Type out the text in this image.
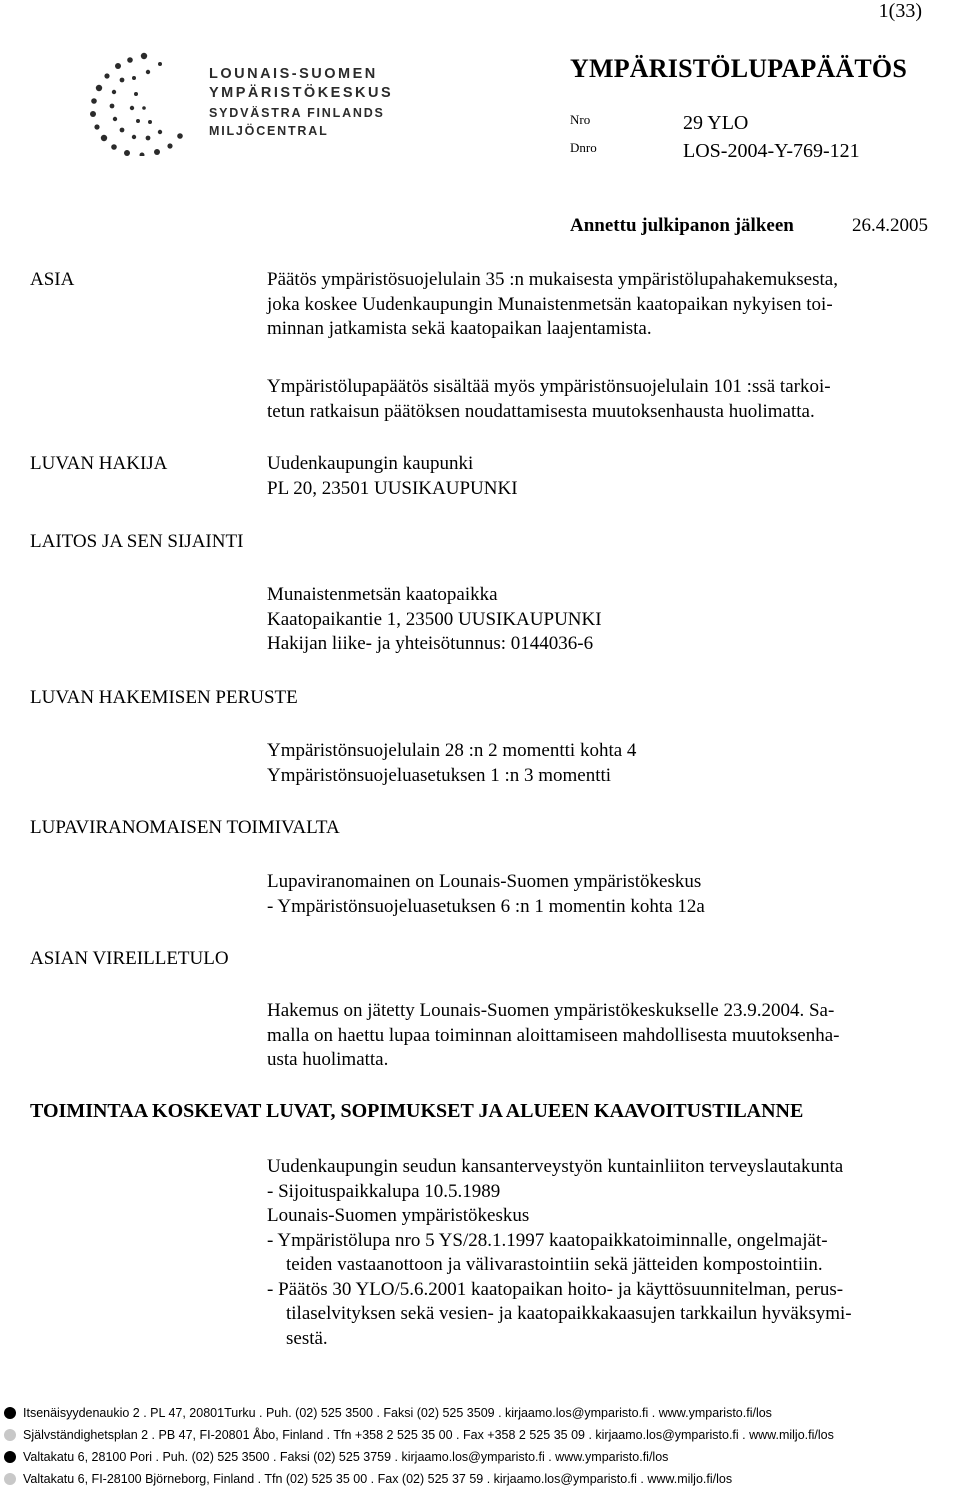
1(33)
LOUNAIS-SUOMEN
YMPÄRISTÖKESKUS
SYDVÄSTRA FINLANDS
MILJÖCENTRAL
YMPÄRISTÖLUPAPÄÄTÖS
Nro	29 YLO
Dnro	LOS-2004-Y-769-121
Annettu julkipanon jälkeen	26.4.2005
ASIA	Päätös ympäristösuojelulain 35 :n mukaisesta ympäristölupahakemuksesta,
joka koskee Uudenkaupungin Munaistenmetsän kaatopaikan nykyisen toi-
minnan jatkamista sekä kaatopaikan laajentamista.
Ympäristölupapäätös sisältää myös ympäristönsuojelulain 101 :ssä tarkoi-
tetun ratkaisun päätöksen noudattamisesta muutoksenhausta huolimatta.
LUVAN HAKIJA	Uudenkaupungin kaupunki
PL 20, 23501 UUSIKAUPUNKI
LAITOS JA SEN SIJAINTI
Munaistenmetsän kaatopaikka
Kaatopaikantie 1, 23500 UUSIKAUPUNKI
Hakijan liike- ja yhteisötunnus: 0144036-6
LUVAN HAKEMISEN PERUSTE
Ympäristönsuojelulain 28 :n 2 momentti kohta 4
Ympäristönsuojeluasetuksen 1 :n 3 momentti
LUPAVIRANOMAISEN TOIMIVALTA
Lupaviranomainen on Lounais-Suomen ympäristökeskus
- Ympäristönsuojeluasetuksen 6 :n 1 momentin kohta 12a
ASIAN VIREILLETULO
Hakemus on jätetty Lounais-Suomen ympäristökeskukselle 23.9.2004. Sa-
malla on haettu lupaa toiminnan aloittamiseen mahdollisesta muutoksenha-
usta huolimatta.
TOIMINTAA KOSKEVAT LUVAT, SOPIMUKSET JA ALUEEN KAAVOITUSTILANNE
Uudenkaupungin seudun kansanterveystyön kuntainliiton terveyslautakunta
- Sijoituspaikkalupa 10.5.1989
Lounais-Suomen ympäristökeskus
- Ympäristölupa nro 5 YS/28.1.1997 kaatopaikkatoiminnalle, ongelmajät-
teiden vastaanottoon ja välivarastointiin sekä jätteiden kompostointiin.
- Päätös 30 YLO/5.6.2001 kaatopaikan hoito- ja käyttösuunnitelman, perus-
tilaselvityksen sekä vesien- ja kaatopaikkakaasujen tarkkailun hyväksymi-
sestä.
Itsenäisyydenaukio 2 . PL 47, 20801Turku . Puh. (02) 525 3500 . Faksi (02) 525 3509 . kirjaamo.los@ymparisto.fi . www.ymparisto.fi/los
Självständighetsplan 2 . PB 47, FI-20801 Åbo, Finland . Tfn +358 2 525 35 00 . Fax +358 2 525 35 09 . kirjaamo.los@ymparisto.fi . www.miljo.fi/los
Valtakatu 6, 28100 Pori . Puh. (02) 525 3500 . Faksi (02) 525 3759 . kirjaamo.los@ymparisto.fi . www.ymparisto.fi/los
Valtakatu 6, FI-28100 Björneborg, Finland . Tfn (02) 525 35 00 . Fax (02) 525 37 59 . kirjaamo.los@ymparisto.fi . www.miljo.fi/los
